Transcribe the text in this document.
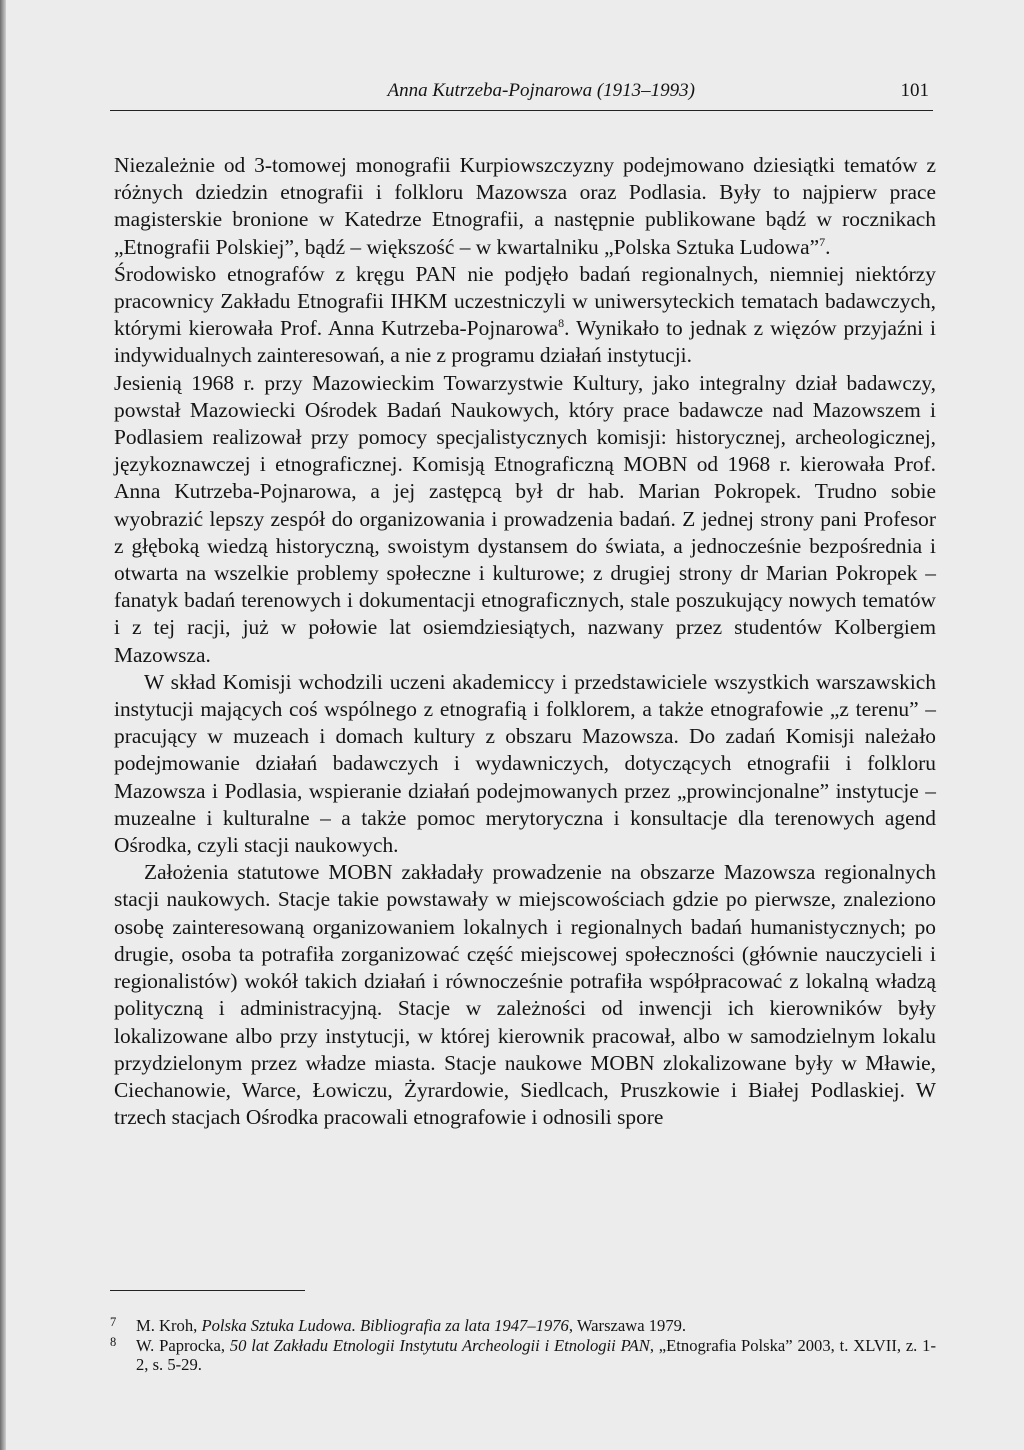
Anna Kutrzeba-Pojnarowa (1913–1993)	101

Niezależnie od 3-tomowej monografii Kurpiowszczyzny podejmowano dziesiątki tematów z różnych dziedzin etnografii i folkloru Mazowsza oraz Podlasia. Były to najpierw prace magisterskie bronione w Katedrze Etnografii, a następnie publikowane bądź w rocznikach „Etnografii Polskiej”, bądź – większość – w kwartalniku „Polska Sztuka Ludowa”$^7$.

Środowisko etnografów z kręgu PAN nie podjęło badań regionalnych, niemniej niektórzy pracownicy Zakładu Etnografii IHKM uczestniczyli w uniwersyteckich tematach badawczych, którymi kierowała Prof. Anna Kutrzeba-Pojnarowa$^8$. Wynikało to jednak z więzów przyjaźni i indywidualnych zainteresowań, a nie z programu działań instytucji.

Jesienią 1968 r. przy Mazowieckim Towarzystwie Kultury, jako integralny dział badawczy, powstał Mazowiecki Ośrodek Badań Naukowych, który prace badawcze nad Mazowszem i Podlasiem realizował przy pomocy specjalistycznych komisji: historycznej, archeologicznej, językoznawczej i etnograficznej. Komisją Etnograficzną MOBN od 1968 r. kierowała Prof. Anna Kutrzeba-Pojnarowa, a jej zastępcą był dr hab. Marian Pokropek. Trudno sobie wyobrazić lepszy zespół do organizowania i prowadzenia badań. Z jednej strony pani Profesor z głęboką wiedzą historyczną, swoistym dystansem do świata, a jednocześnie bezpośrednia i otwarta na wszelkie problemy społeczne i kulturowe; z drugiej strony dr Marian Pokropek – fanatyk badań terenowych i dokumentacji etnograficznych, stale poszukujący nowych tematów i z tej racji, już w połowie lat osiemdziesiątych, nazwany przez studentów Kolbergiem Mazowsza.

W skład Komisji wchodzili uczeni akademiccy i przedstawiciele wszystkich warszawskich instytucji mających coś wspólnego z etnografią i folklorem, a także etnografowie „z terenu” – pracujący w muzeach i domach kultury z obszaru Mazowsza. Do zadań Komisji należało podejmowanie działań badawczych i wydawniczych, dotyczących etnografii i folkloru Mazowsza i Podlasia, wspieranie działań podejmowanych przez „prowincjonalne” instytucje – muzealne i kulturalne – a także pomoc merytoryczna i konsultacje dla terenowych agend Ośrodka, czyli stacji naukowych.

Założenia statutowe MOBN zakładały prowadzenie na obszarze Mazowsza regionalnych stacji naukowych. Stacje takie powstawały w miejscowościach gdzie po pierwsze, znaleziono osobę zainteresowaną organizowaniem lokalnych i regionalnych badań humanistycznych; po drugie, osoba ta potrafiła zorganizować część miejscowej społeczności (głównie nauczycieli i regionalistów) wokół takich działań i równocześnie potrafiła współpracować z lokalną władzą polityczną i administracyjną. Stacje w zależności od inwencji ich kierowników były lokalizowane albo przy instytucji, w której kierownik pracował, albo w samodzielnym lokalu przydzielonym przez władze miasta. Stacje naukowe MOBN zlokalizowane były w Mławie, Ciechanowie, Warce, Łowiczu, Żyrardowie, Siedlcach, Pruszkowie i Białej Podlaskiej. W trzech stacjach Ośrodka pracowali etnografowie i odnosili spore

7 M. Kroh, Polska Sztuka Ludowa. Bibliografia za lata 1947–1976, Warszawa 1979.
8 W. Paprocka, 50 lat Zakładu Etnologii Instytutu Archeologii i Etnologii PAN, „Etnografia Polska” 2003, t. XLVII, z. 1-2, s. 5-29.
